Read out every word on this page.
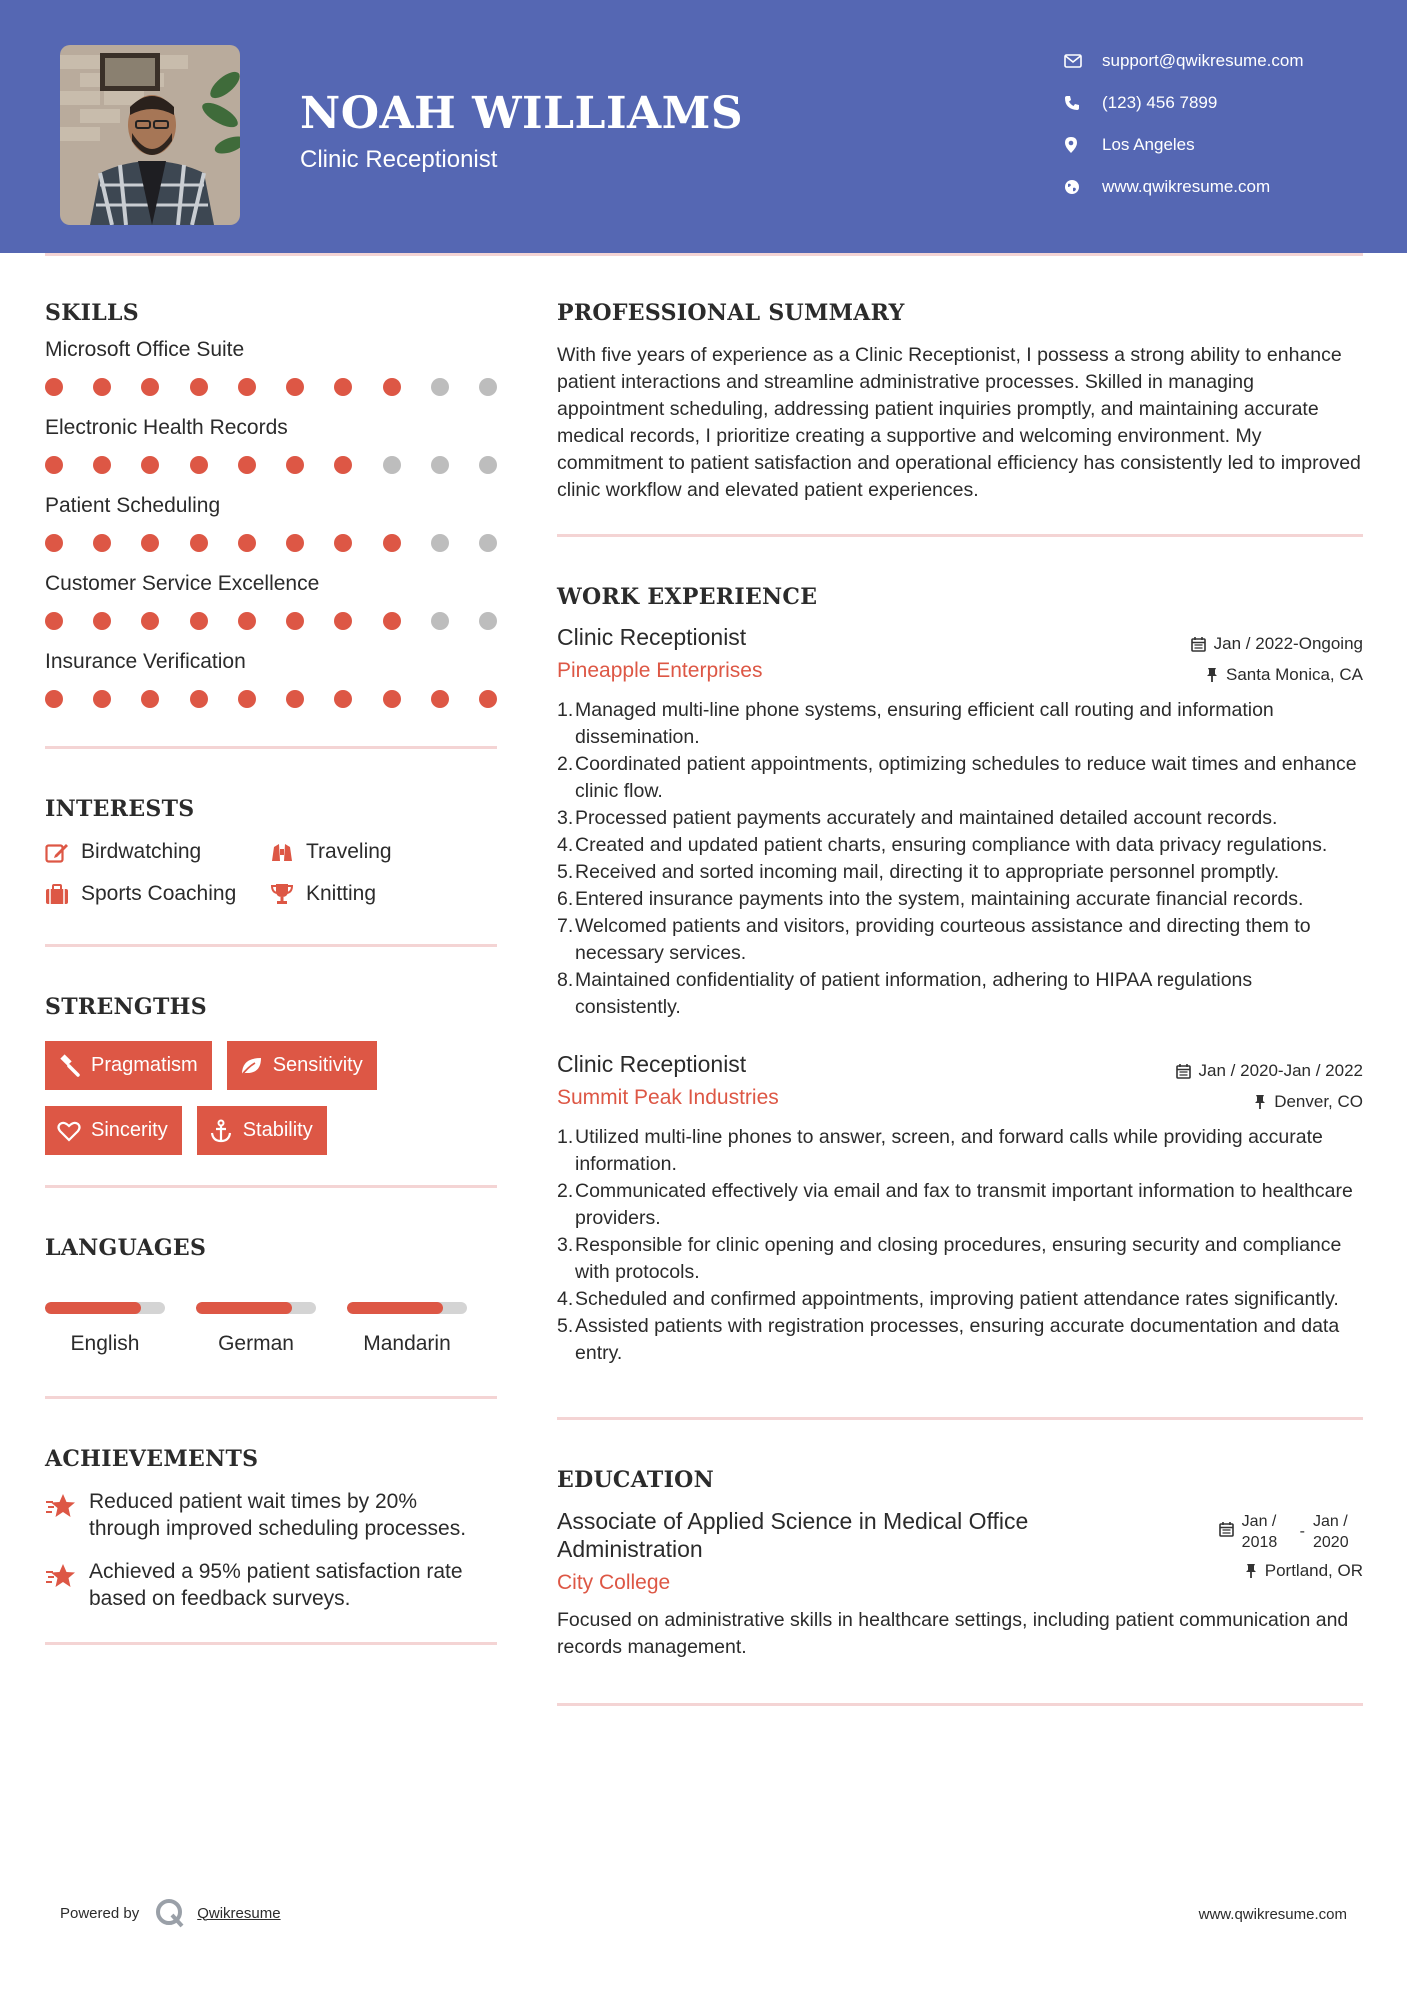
NOAH WILLIAMS
Clinic Receptionist
support@qwikresume.com
(123) 456 7899
Los Angeles
www.qwikresume.com
SKILLS
Microsoft Office Suite
Electronic Health Records
Patient Scheduling
Customer Service Excellence
Insurance Verification
INTERESTS
Birdwatching	Traveling
Sports Coaching	Knitting
STRENGTHS
Pragmatism	Sensitivity
Sincerity	Stability
LANGUAGES
English	German	Mandarin
ACHIEVEMENTS
Reduced patient wait times by 20% through improved scheduling processes.
Achieved a 95% patient satisfaction rate based on feedback surveys.
PROFESSIONAL SUMMARY
With five years of experience as a Clinic Receptionist, I possess a strong ability to enhance patient interactions and streamline administrative processes. Skilled in managing appointment scheduling, addressing patient inquiries promptly, and maintaining accurate medical records, I prioritize creating a supportive and welcoming environment. My commitment to patient satisfaction and operational efficiency has consistently led to improved clinic workflow and elevated patient experiences.
WORK EXPERIENCE
Clinic Receptionist
Pineapple Enterprises
Jan / 2022-Ongoing
Santa Monica, CA
1. Managed multi-line phone systems, ensuring efficient call routing and information dissemination.
2. Coordinated patient appointments, optimizing schedules to reduce wait times and enhance clinic flow.
3. Processed patient payments accurately and maintained detailed account records.
4. Created and updated patient charts, ensuring compliance with data privacy regulations.
5. Received and sorted incoming mail, directing it to appropriate personnel promptly.
6. Entered insurance payments into the system, maintaining accurate financial records.
7. Welcomed patients and visitors, providing courteous assistance and directing them to necessary services.
8. Maintained confidentiality of patient information, adhering to HIPAA regulations consistently.
Clinic Receptionist
Summit Peak Industries
Jan / 2020-Jan / 2022
Denver, CO
1. Utilized multi-line phones to answer, screen, and forward calls while providing accurate information.
2. Communicated effectively via email and fax to transmit important information to healthcare providers.
3. Responsible for clinic opening and closing procedures, ensuring security and compliance with protocols.
4. Scheduled and confirmed appointments, improving patient attendance rates significantly.
5. Assisted patients with registration processes, ensuring accurate documentation and data entry.
EDUCATION
Associate of Applied Science in Medical Office Administration
City College
Jan / 2018
-
Jan / 2020
Portland, OR
Focused on administrative skills in healthcare settings, including patient communication and records management.
Powered by	Qwikresume	www.qwikresume.com
